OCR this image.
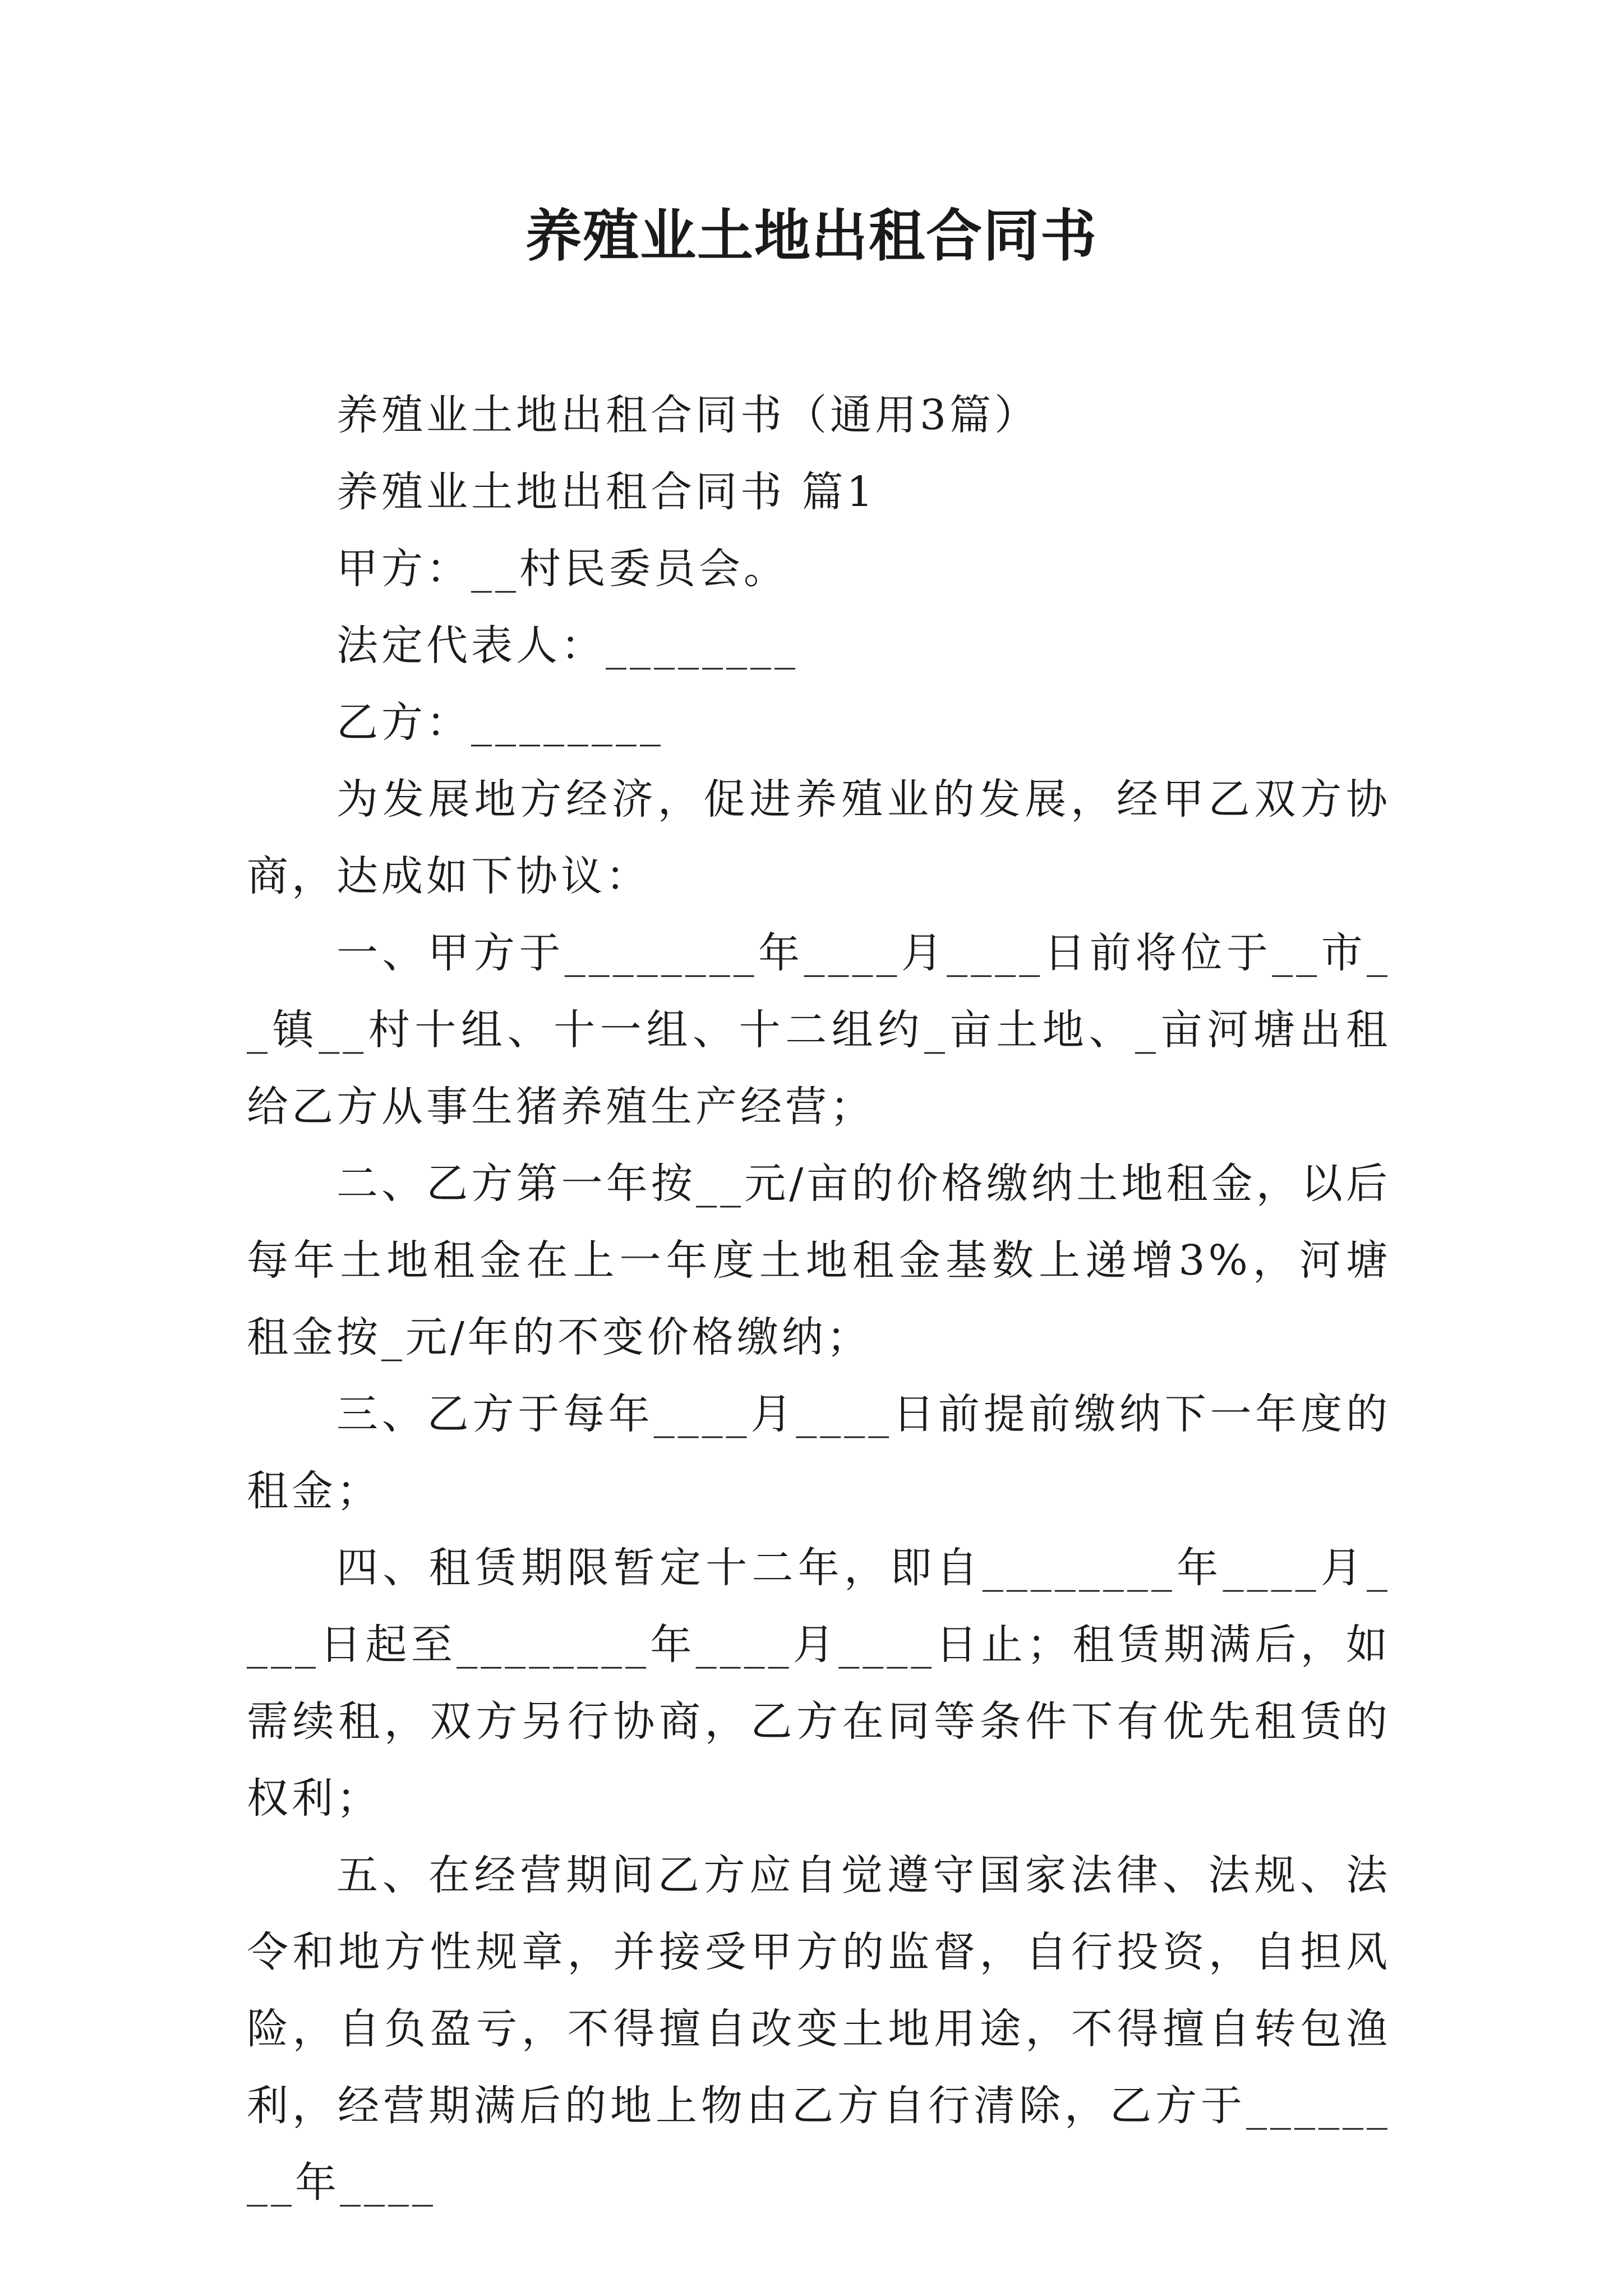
养殖业土地出租合同书

养殖业土地出租合同书（通用3篇）

养殖业土地出租合同书 篇1

甲方：__村民委员会。

法定代表人：________

乙方：________

为发展地方经济，促进养殖业的发展，经甲乙双方协商，达成如下协议：

一、甲方于________年____月____日前将位于__市__镇__村十组、十一组、十二组约_亩土地、_亩河塘出租给乙方从事生猪养殖生产经营；

二、乙方第一年按__元/亩的价格缴纳土地租金，以后每年土地租金在上一年度土地租金基数上递增3%，河塘租金按_元/年的不变价格缴纳；

三、乙方于每年____月____日前提前缴纳下一年度的租金；

四、租赁期限暂定十二年，即自________年____月____日起至________年____月____日止；租赁期满后，如需续租，双方另行协商，乙方在同等条件下有优先租赁的权利；

五、在经营期间乙方应自觉遵守国家法律、法规、法令和地方性规章，并接受甲方的监督，自行投资，自担风险，自负盈亏，不得擅自改变土地用途，不得擅自转包渔利，经营期满后的地上物由乙方自行清除，乙方于________年____
